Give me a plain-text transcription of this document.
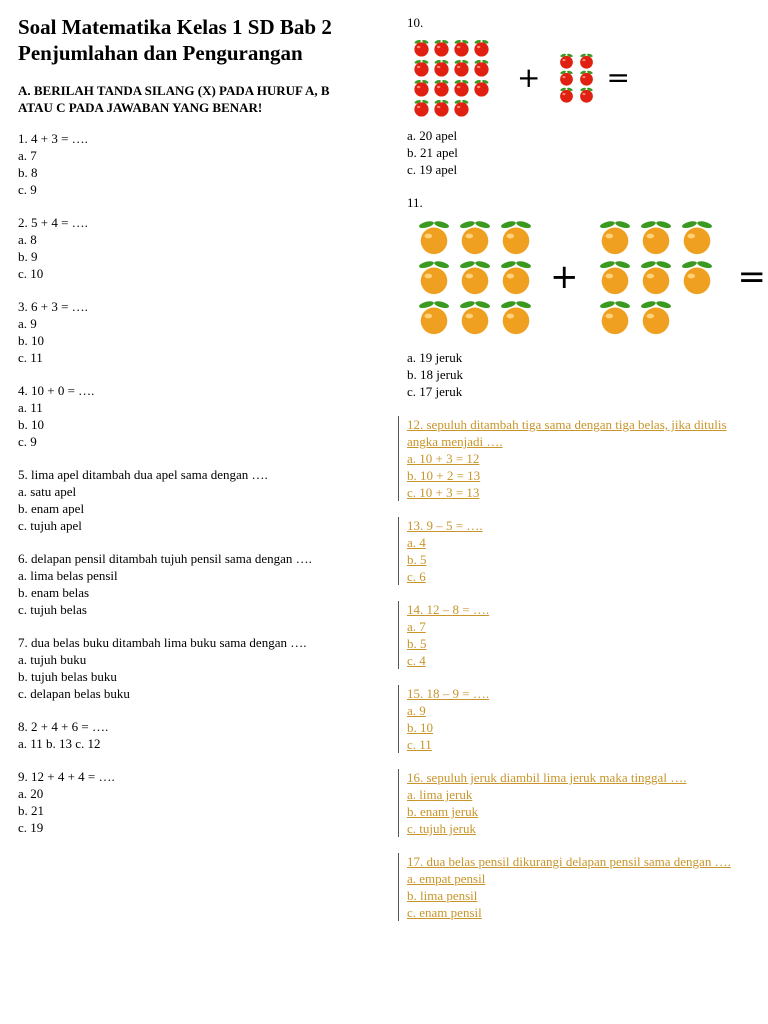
Soal Matematika Kelas 1 SD Bab 2 Penjumlahan dan Pengurangan
A. BERILAH TANDA SILANG (X) PADA HURUF A, B ATAU C PADA JAWABAN YANG BENAR!
1. 4 + 3 = ….
a. 7
b. 8
c. 9
2. 5 + 4 = ….
a. 8
b. 9
c. 10
3. 6 + 3 = ….
a. 9
b. 10
c. 11
4. 10 + 0 = ….
a. 11
b. 10
c. 9
5. lima apel ditambah dua apel sama dengan ….
a. satu apel
b. enam apel
c. tujuh apel
6. delapan pensil ditambah tujuh pensil sama dengan ….
a. lima belas pensil
b. enam belas
c. tujuh belas
7. dua belas buku ditambah lima buku sama dengan ….
a. tujuh buku
b. tujuh belas buku
c. delapan belas buku
8. 2 + 4 + 6 = ….
a. 11 b. 13 c. 12
9. 12 + 4 + 4 = ….
a. 20
b. 21
c. 19
10.
+ =
a. 20 apel
b. 21 apel
c. 19 apel
11.
+	=
a. 19 jeruk
b. 18 jeruk
c. 17 jeruk
12. sepuluh ditambah tiga sama dengan tiga belas, jika ditulis angka menjadi ….
a. 10 + 3 = 12
b. 10 + 2 = 13
c. 10 + 3 = 13
13. 9 – 5 = ….
a. 4
b. 5
c. 6
14. 12 – 8 = ….
a. 7
b. 5
c. 4
15. 18 – 9 = ….
a. 9
b. 10
c. 11
16. sepuluh jeruk diambil lima jeruk maka tinggal ….
a. lima jeruk
b. enam jeruk
c. tujuh jeruk
17. dua belas pensil dikurangi delapan pensil sama dengan ….
a. empat pensil
b. lima pensil
c. enam pensil
